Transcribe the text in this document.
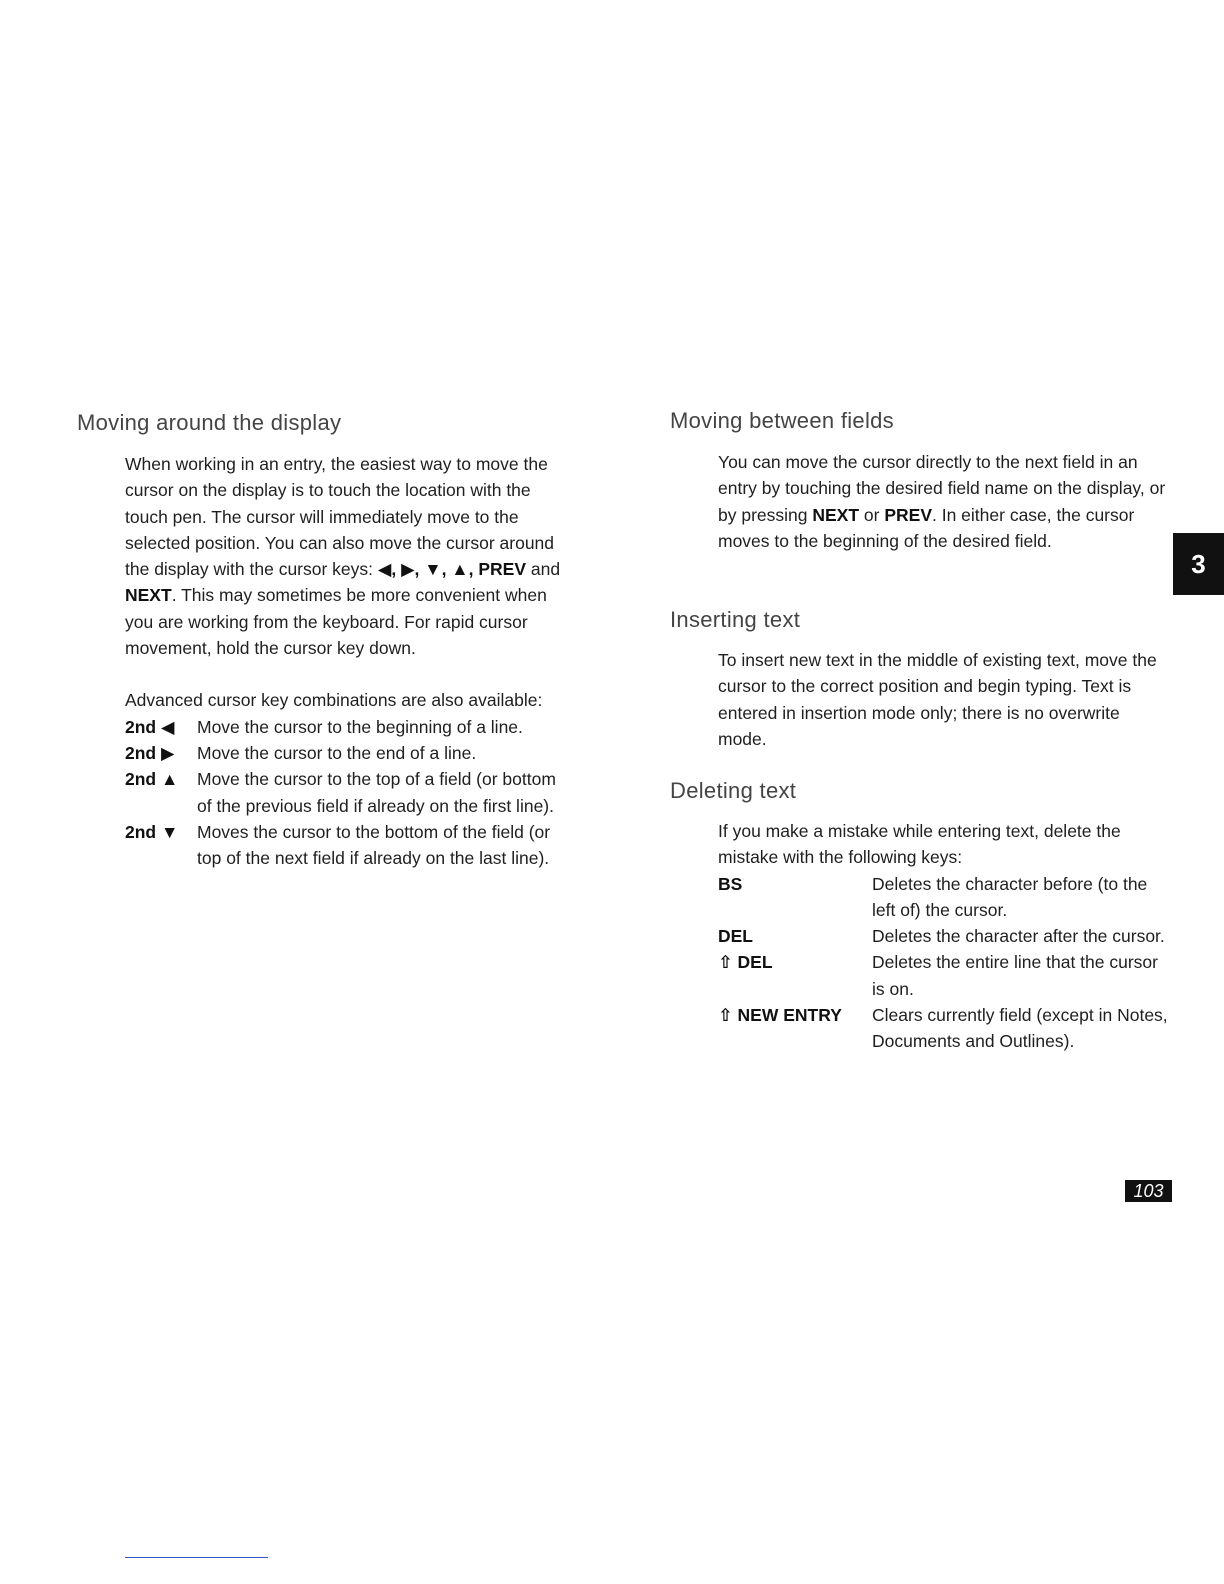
Moving around the display

When working in an entry, the easiest way to move the cursor on the display is to touch the location with the touch pen. The cursor will immediately move to the selected position. You can also move the cursor around the display with the cursor keys: ◀, ▶, ▼, ▲, PREV and NEXT. This may sometimes be more convenient when you are working from the keyboard. For rapid cursor movement, hold the cursor key down.

Advanced cursor key combinations are also available:

2nd ◀	Move the cursor to the beginning of a line.
2nd ▶	Move the cursor to the end of a line.
2nd ▲	Move the cursor to the top of a field (or bottom of the previous field if already on the first line).
2nd ▼	Moves the cursor to the bottom of the field (or top of the next field if already on the last line).
Moving between fields

You can move the cursor directly to the next field in an entry by touching the desired field name on the display, or by pressing NEXT or PREV. In either case, the cursor moves to the beginning of the desired field.

Inserting text

To insert new text in the middle of existing text, move the cursor to the correct position and begin typing. Text is entered in insertion mode only; there is no overwrite mode.

Deleting text

If you make a mistake while entering text, delete the mistake with the following keys:

BS	Deletes the character before (to the left of) the cursor.
DEL	Deletes the character after the cursor.
⇧ DEL	Deletes the entire line that the cursor is on.
⇧ NEW ENTRY	Clears currently field (except in Notes, Documents and Outlines).
3
103
